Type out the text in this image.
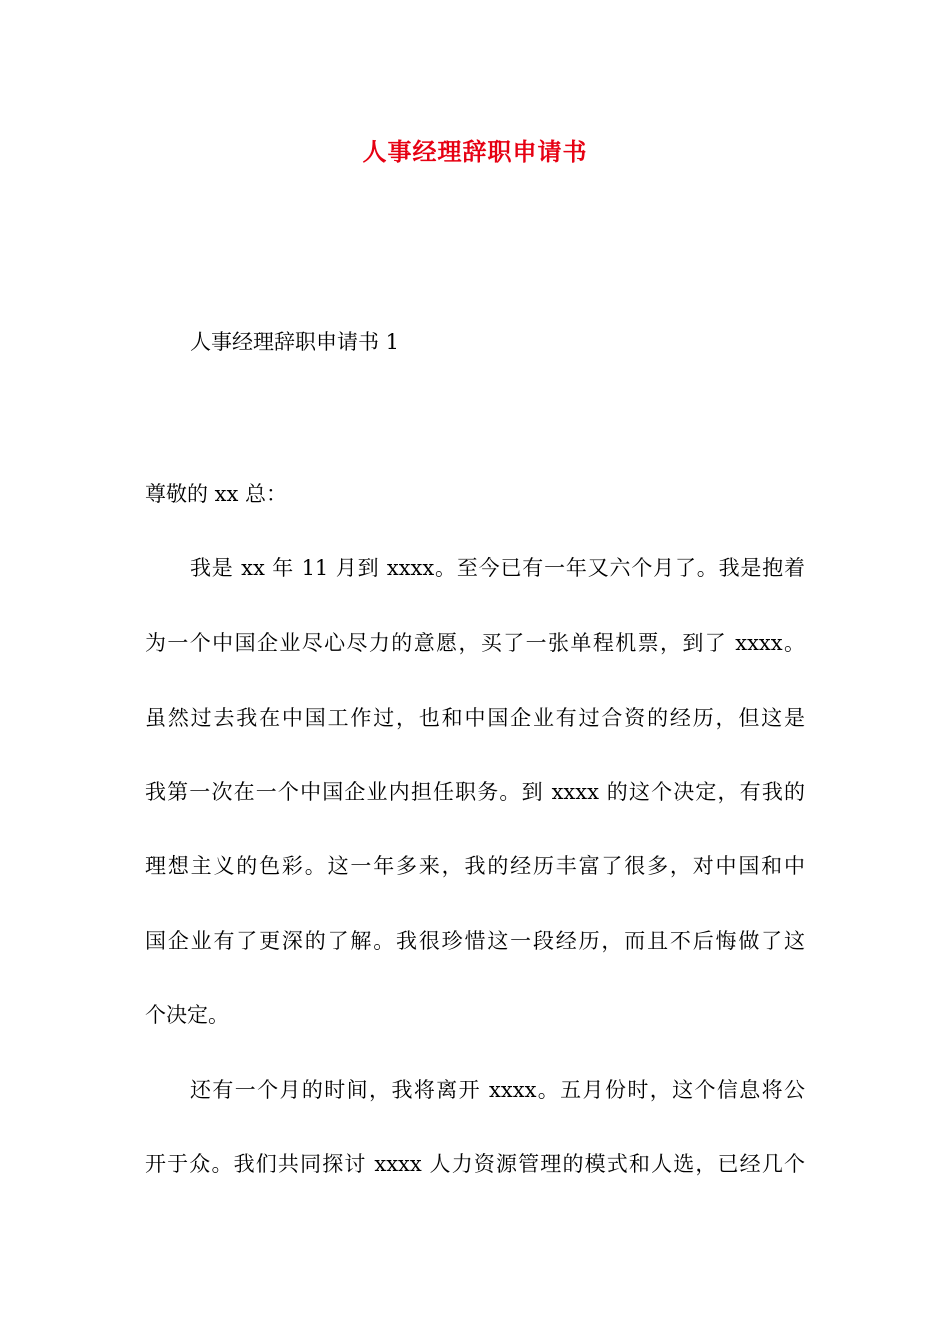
人事经理辞职申请书
人事经理辞职申请书 1
尊敬的 xx 总：
我是 xx 年 11 月到 xxxx。至今已有一年又六个月了。我是抱着
为一个中国企业尽心尽力的意愿，买了一张单程机票，到了 xxxx。
虽然过去我在中国工作过，也和中国企业有过合资的经历，但这是
我第一次在一个中国企业内担任职务。到 xxxx 的这个决定，有我的
理想主义的色彩。这一年多来，我的经历丰富了很多，对中国和中
国企业有了更深的了解。我很珍惜这一段经历，而且不后悔做了这
个决定。
还有一个月的时间，我将离开 xxxx。五月份时，这个信息将公
开于众。我们共同探讨 xxxx 人力资源管理的模式和人选，已经几个
